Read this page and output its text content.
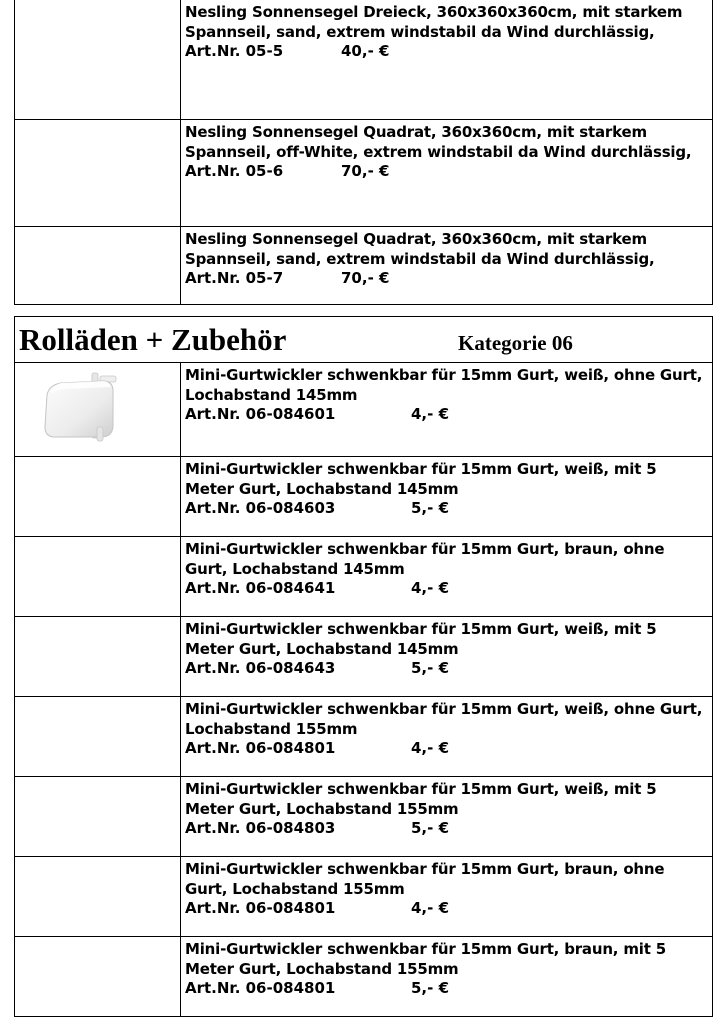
	Nesling Sonnensegel Dreieck, 360x360x360cm, mit starkem Spannseil, sand, extrem windstabil da Wind durchlässig,
Art.Nr. 05-5 40,- €

	Nesling Sonnensegel Quadrat, 360x360cm, mit starkem Spannseil, off-White, extrem windstabil da Wind durchlässig,
Art.Nr. 05-6 70,- €

	Nesling Sonnensegel Quadrat, 360x360cm, mit starkem Spannseil, sand, extrem windstabil da Wind durchlässig,
Art.Nr. 05-7 70,- €
Rolläden + Zubehör Kategorie 06	

Mini-Gurtwickler schwenkbar für 15mm Gurt, weiß, ohne Gurt, Lochabstand 145mm
Art.Nr. 06-084601 4,- €

	Mini-Gurtwickler schwenkbar für 15mm Gurt, weiß, mit 5 Meter Gurt, Lochabstand 145mm
Art.Nr. 06-084603 5,- €

	Mini-Gurtwickler schwenkbar für 15mm Gurt, braun, ohne Gurt, Lochabstand 145mm
Art.Nr. 06-084641 4,- €

	Mini-Gurtwickler schwenkbar für 15mm Gurt, weiß, mit 5 Meter Gurt, Lochabstand 145mm
Art.Nr. 06-084643 5,- €

	Mini-Gurtwickler schwenkbar für 15mm Gurt, weiß, ohne Gurt, Lochabstand 155mm
Art.Nr. 06-084801 4,- €

	Mini-Gurtwickler schwenkbar für 15mm Gurt, weiß, mit 5 Meter Gurt, Lochabstand 155mm
Art.Nr. 06-084803 5,- €

	Mini-Gurtwickler schwenkbar für 15mm Gurt, braun, ohne Gurt, Lochabstand 155mm
Art.Nr. 06-084801 4,- €

	Mini-Gurtwickler schwenkbar für 15mm Gurt, braun, mit 5 Meter Gurt, Lochabstand 155mm
Art.Nr. 06-084801 5,- €
